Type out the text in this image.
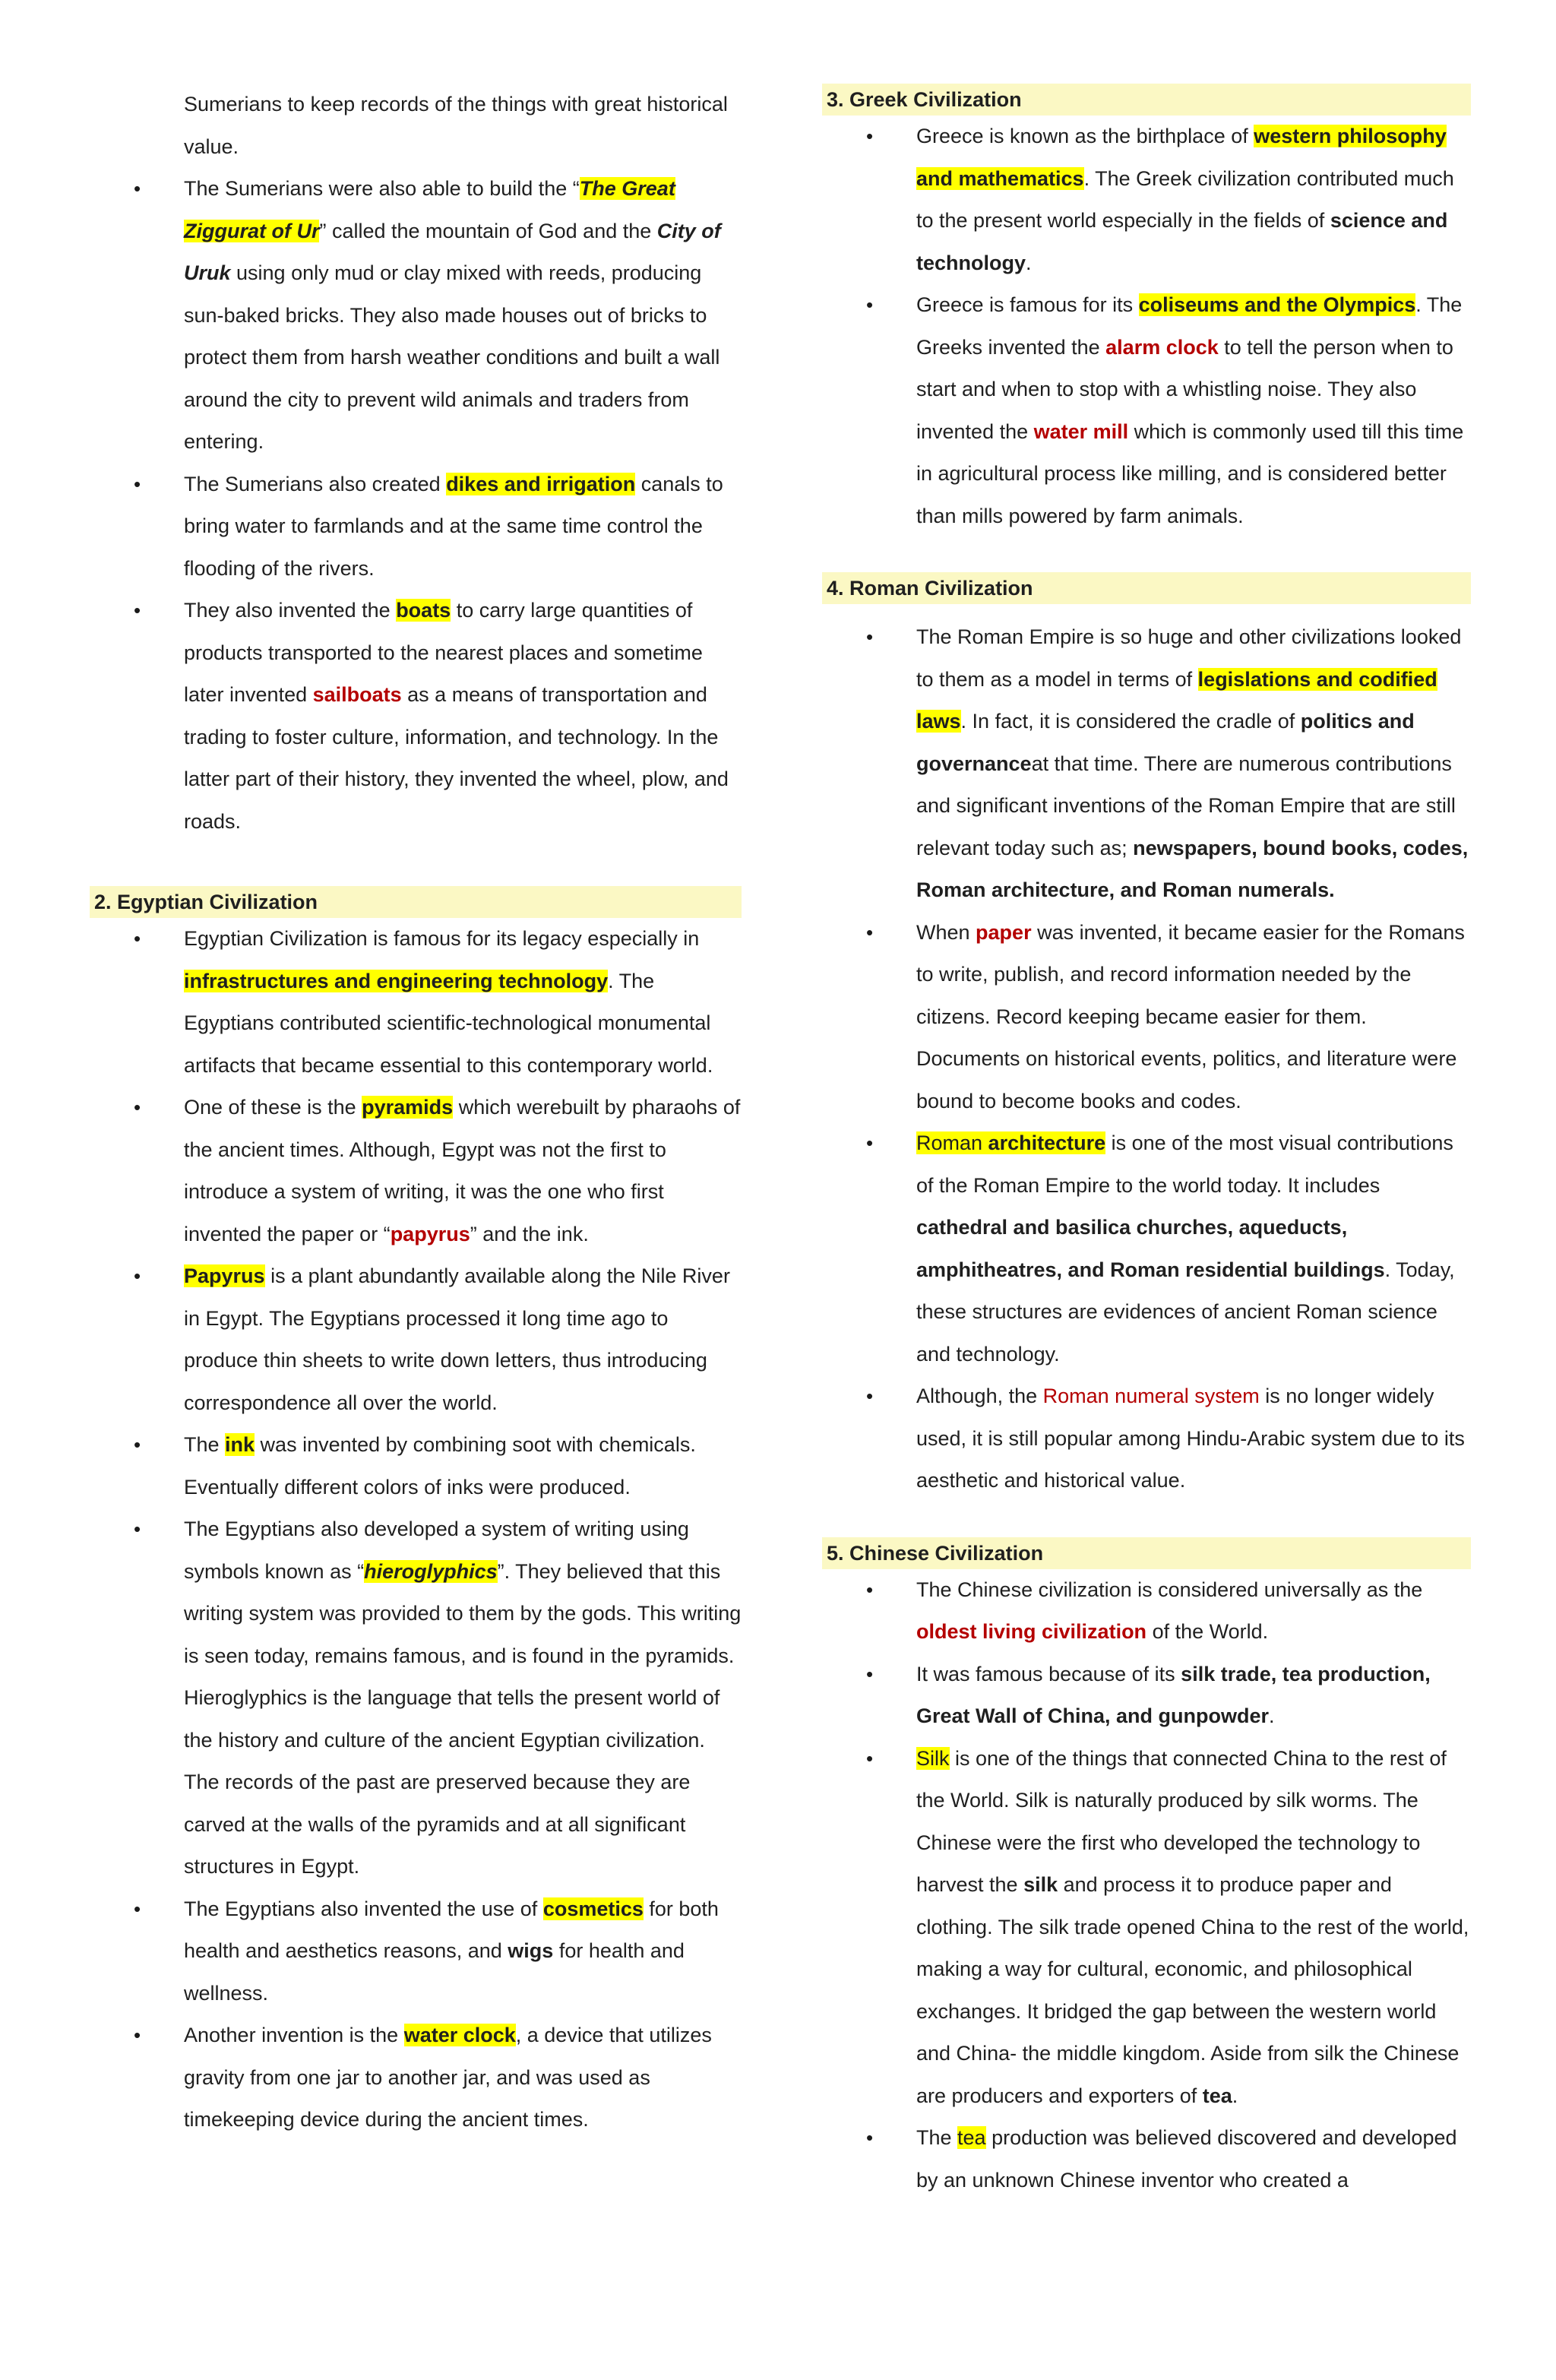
Sumerians to keep records of the things with great historical value.

• The Sumerians were also able to build the “The Great Ziggurat of Ur” called the mountain of God and the City of Uruk using only mud or clay mixed with reeds, producing sun-baked bricks. They also made houses out of bricks to protect them from harsh weather conditions and built a wall around the city to prevent wild animals and traders from entering.
• The Sumerians also created dikes and irrigation canals to bring water to farmlands and at the same time control the flooding of the rivers.
• They also invented the boats to carry large quantities of products transported to the nearest places and sometime later invented sailboats as a means of transportation and trading to foster culture, information, and technology. In the latter part of their history, they invented the wheel, plow, and roads.

2. Egyptian Civilization

• Egyptian Civilization is famous for its legacy especially in infrastructures and engineering technology. The Egyptians contributed scientific-technological monumental artifacts that became essential to this contemporary world.
• One of these is the pyramids which werebuilt by pharaohs of the ancient times. Although, Egypt was not the first to introduce a system of writing, it was the one who first invented the paper or “papyrus” and the ink.
• Papyrus is a plant abundantly available along the Nile River in Egypt. The Egyptians processed it long time ago to produce thin sheets to write down letters, thus introducing correspondence all over the world.
• The ink was invented by combining soot with chemicals. Eventually different colors of inks were produced.
• The Egyptians also developed a system of writing using symbols known as “hieroglyphics”. They believed that this writing system was provided to them by the gods. This writing is seen today, remains famous, and is found in the pyramids. Hieroglyphics is the language that tells the present world of the history and culture of the ancient Egyptian civilization. The records of the past are preserved because they are carved at the walls of the pyramids and at all significant structures in Egypt.
• The Egyptians also invented the use of cosmetics for both health and aesthetics reasons, and wigs for health and wellness.
• Another invention is the water clock, a device that utilizes gravity from one jar to another jar, and was used as timekeeping device during the ancient times.

3. Greek Civilization

• Greece is known as the birthplace of western philosophy and mathematics. The Greek civilization contributed much to the present world especially in the fields of science and technology.
• Greece is famous for its coliseums and the Olympics. The Greeks invented the alarm clock to tell the person when to start and when to stop with a whistling noise. They also invented the water mill which is commonly used till this time in agricultural process like milling, and is considered better than mills powered by farm animals.

4. Roman Civilization

• The Roman Empire is so huge and other civilizations looked to them as a model in terms of legislations and codified laws. In fact, it is considered the cradle of politics and governanceat that time. There are numerous contributions and significant inventions of the Roman Empire that are still relevant today such as; newspapers, bound books, codes, Roman architecture, and Roman numerals.
• When paper was invented, it became easier for the Romans to write, publish, and record information needed by the citizens. Record keeping became easier for them. Documents on historical events, politics, and literature were bound to become books and codes.
• Roman architecture is one of the most visual contributions of the Roman Empire to the world today. It includes cathedral and basilica churches, aqueducts, amphitheatres, and Roman residential buildings. Today, these structures are evidences of ancient Roman science and technology.
• Although, the Roman numeral system is no longer widely used, it is still popular among Hindu-Arabic system due to its aesthetic and historical value.

5. Chinese Civilization

• The Chinese civilization is considered universally as the oldest living civilization of the World.
• It was famous because of its silk trade, tea production, Great Wall of China, and gunpowder.
• Silk is one of the things that connected China to the rest of the World. Silk is naturally produced by silk worms. The Chinese were the first who developed the technology to harvest the silk and process it to produce paper and clothing. The silk trade opened China to the rest of the world, making a way for cultural, economic, and philosophical exchanges. It bridged the gap between the western world and China- the middle kingdom. Aside from silk the Chinese are producers and exporters of tea.
• The tea production was believed discovered and developed by an unknown Chinese inventor who created a
